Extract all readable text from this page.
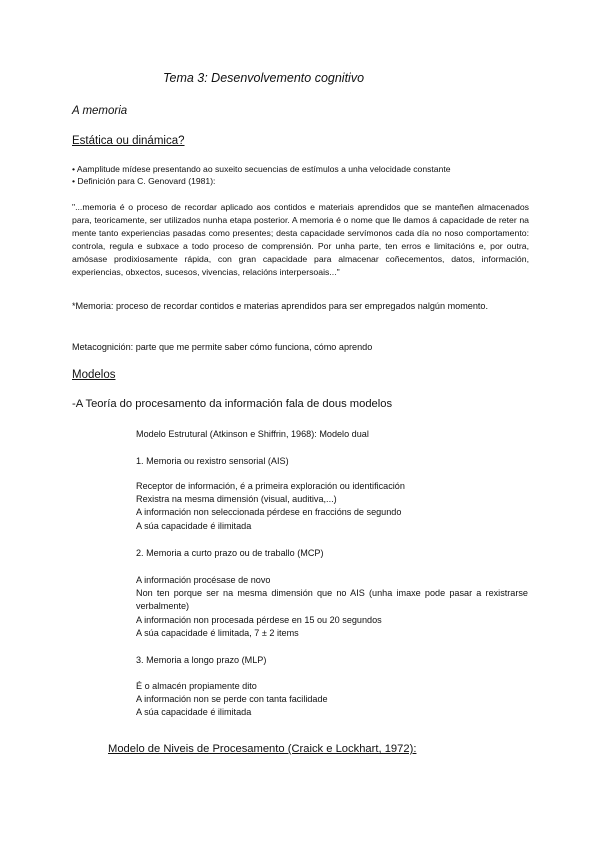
Tema 3: Desenvolvemento cognitivo

A memoria

Estática ou dinámica?

• Aamplitude mídese presentando ao suxeito secuencias de estímulos a unha velocidade constante
• Definición para C. Genovard (1981):

"...memoria é o proceso de recordar aplicado aos contidos e materiais aprendidos que se manteñen almacenados para, teoricamente, ser utilizados nunha etapa posterior. A memoria é o nome que lle damos á capacidade de reter na mente tanto experiencias pasadas como presentes; desta capacidade servímonos cada día no noso comportamento: controla, regula e subxace a todo proceso de comprensión. Por unha parte, ten erros e limitacións e, por outra, amósase prodixiosamente rápida, con gran capacidade para almacenar coñecementos, datos, información, experiencias, obxectos, sucesos, vivencias, relacións interpersoais..."

*Memoria: proceso de recordar contidos e materias aprendidos para ser empregados nalgún momento.

Metacognición: parte que me permite saber cómo funciona, cómo aprendo

Modelos

-A Teoría do procesamento da información fala de dous modelos

Modelo Estrutural (Atkinson e Shiffrin, 1968): Modelo dual

1. Memoria ou rexistro sensorial (AIS)

Receptor de información, é a primeira exploración ou identificación
Rexistra na mesma dimensión (visual, auditiva,...)
A información non seleccionada pérdese en fraccións de segundo
A súa capacidade é ilimitada

2. Memoria a curto prazo ou de traballo (MCP)

A información procésase de novo
Non ten porque ser na mesma dimensión que no AIS (unha imaxe pode pasar a rexistrarse verbalmente)
A información non procesada pérdese en 15 ou 20 segundos
A súa capacidade é limitada, 7 ± 2 items

3. Memoria a longo prazo (MLP)

É o almacén propiamente dito
A información non se perde con tanta facilidade
A súa capacidade é ilimitada

Modelo de Niveis de Procesamento (Craick e Lockhart, 1972):
